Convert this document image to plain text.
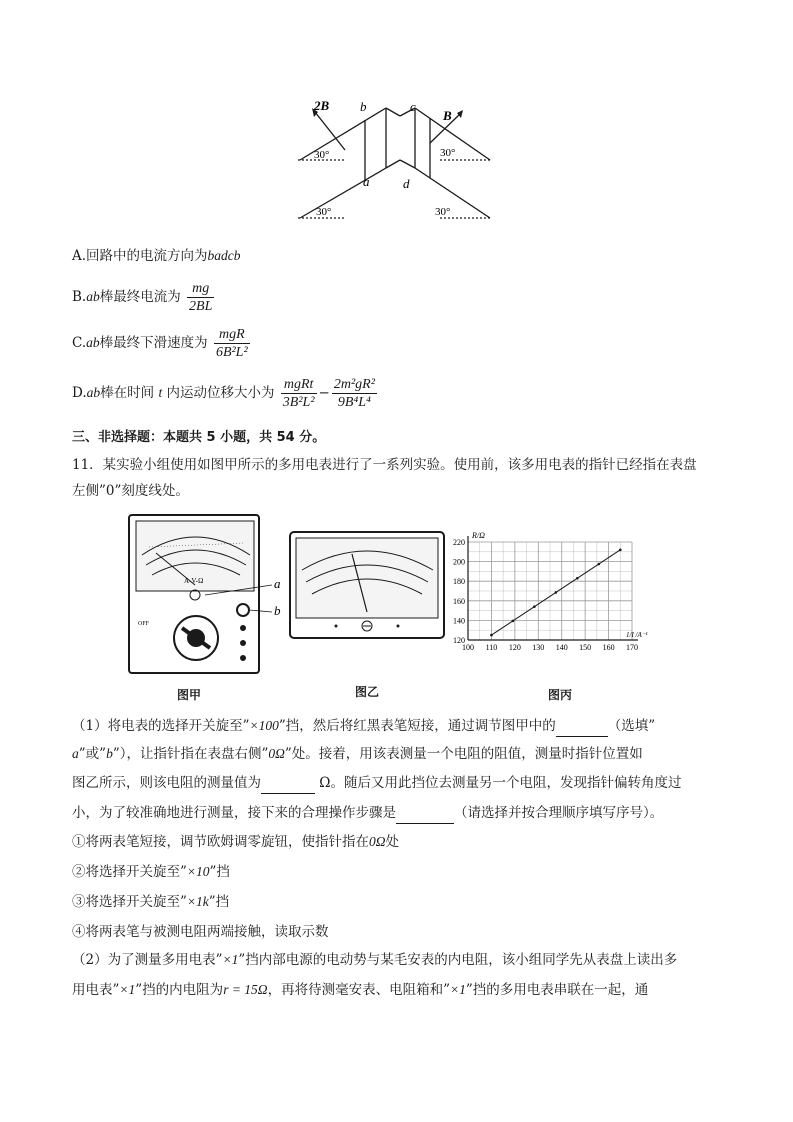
2B
B
b	c
a	d
30°	30°
30°	30°
A.回路中的电流方向为badcb
B.ab棒最终电流为 $\frac{mg}{2BL}$
C.ab棒最终下滑速度为 $\frac{\text{mgR}}{\text{6B²L²}}$
D.ab棒在时间 t 内运动位移大小为 $\frac{\text{mgRt}}{\text{3B²L²}} - \frac{\text{2m²gR²}}{\text{9B⁴L⁴}}$
三、非选择题：本题共 5 小题，共 54 分。
11．某实验小组使用如图甲所示的多用电表进行了一系列实验。使用前，该多用电表的指针已经指在表盘
左侧”0”刻度线处。
A-V-Ω
OFF
a
b
100 110 120 130 140 150 160 170
120
140
160
180
200
220
R/Ω
1/I /A⁻¹
图甲	图乙	图丙
（1）将电表的选择开关旋至”×100”挡，然后将红黑表笔短接，通过调节图甲中的	（选填”
a”或”b”），让指针指在表盘右侧”0Ω”处。接着，用该表测量一个电阻的阻值，测量时指针位置如
图乙所示，则该电阻的测量值为	Ω。随后又用此挡位去测量另一个电阻，发现指针偏转角度过
小，为了较准确地进行测量，接下来的合理操作步骤是	（请选择并按合理顺序填写序号）。
①将两表笔短接，调节欧姆调零旋钮，使指针指在0Ω处
②将选择开关旋至”×10”挡
③将选择开关旋至”×1k”挡
④将两表笔与被测电阻两端接触，读取示数
（2）为了测量多用电表”×1”挡内部电源的电动势与某毛安表的内电阻，该小组同学先从表盘上读出多
用电表”×1”挡的内电阻为r = 15Ω，再将待测毫安表、电阻箱和”×1”挡的多用电表串联在一起，通
